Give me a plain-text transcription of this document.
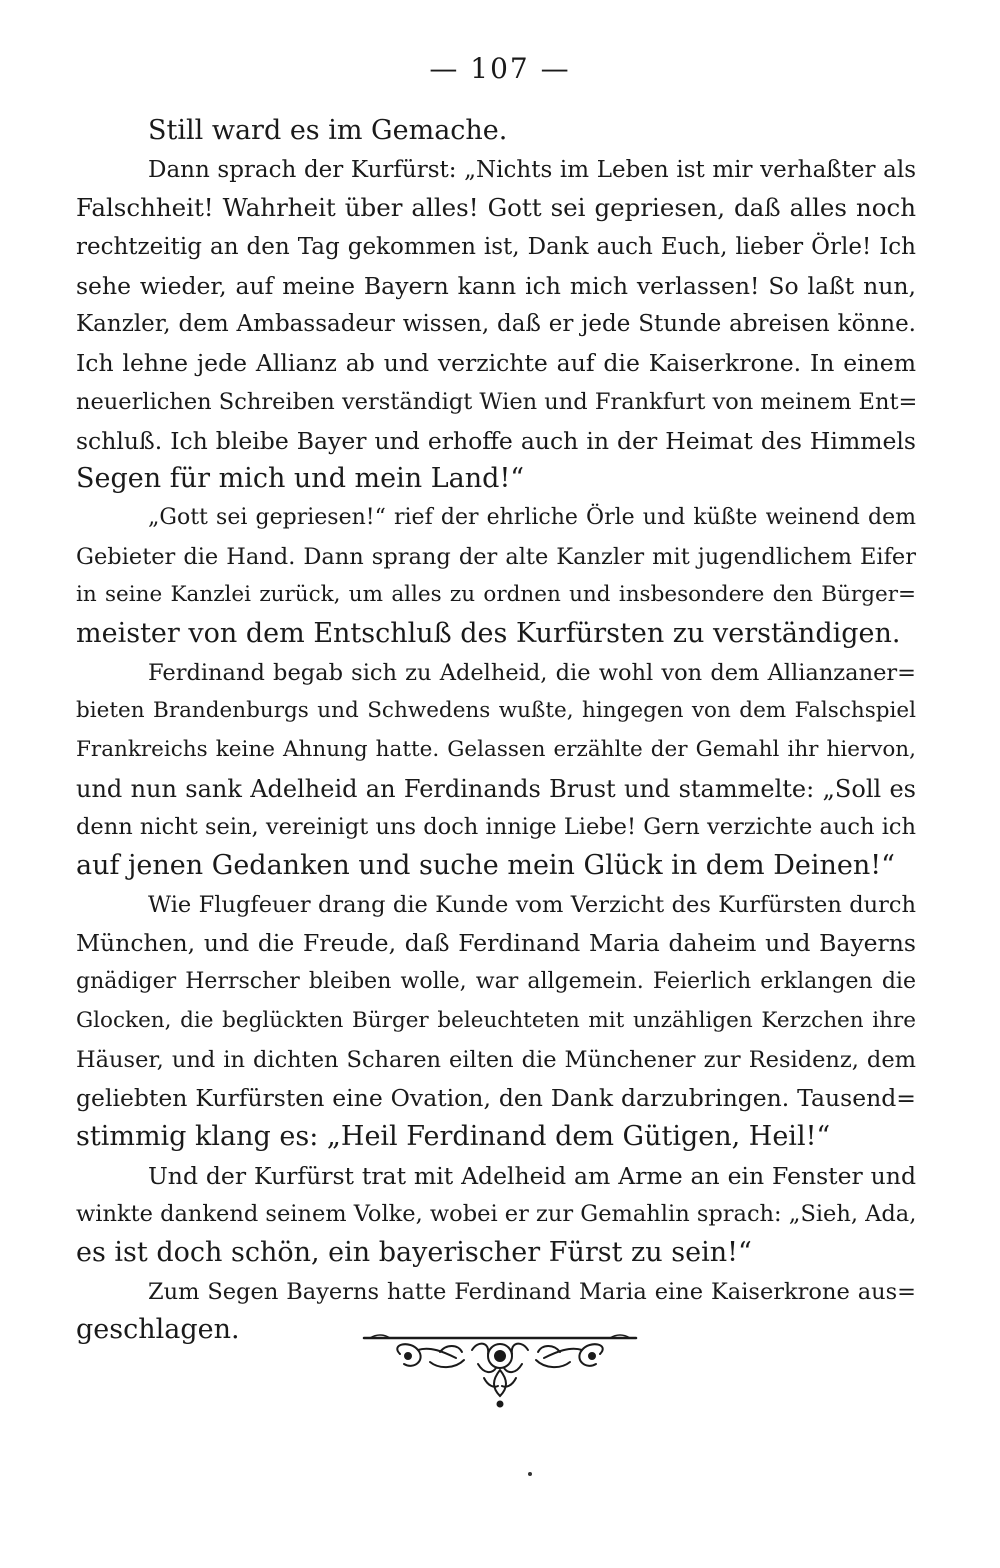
— 107 —
Still ward es im Gemache.
Dann sprach der Kurfürst: „Nichts im Leben ist mir verhaßter als
Falschheit! Wahrheit über alles! Gott sei gepriesen, daß alles noch
rechtzeitig an den Tag gekommen ist, Dank auch Euch, lieber Örle! Ich
sehe wieder, auf meine Bayern kann ich mich verlassen! So laßt nun,
Kanzler, dem Ambassadeur wissen, daß er jede Stunde abreisen könne.
Ich lehne jede Allianz ab und verzichte auf die Kaiserkrone. In einem
neuerlichen Schreiben verständigt Wien und Frankfurt von meinem Ent=
schluß. Ich bleibe Bayer und erhoffe auch in der Heimat des Himmels
Segen für mich und mein Land!“
„Gott sei gepriesen!“ rief der ehrliche Örle und küßte weinend dem
Gebieter die Hand. Dann sprang der alte Kanzler mit jugendlichem Eifer
in seine Kanzlei zurück, um alles zu ordnen und insbesondere den Bürger=
meister von dem Entschluß des Kurfürsten zu verständigen.
Ferdinand begab sich zu Adelheid, die wohl von dem Allianzaner=
bieten Brandenburgs und Schwedens wußte, hingegen von dem Falschspiel
Frankreichs keine Ahnung hatte. Gelassen erzählte der Gemahl ihr hiervon,
und nun sank Adelheid an Ferdinands Brust und stammelte: „Soll es
denn nicht sein, vereinigt uns doch innige Liebe! Gern verzichte auch ich
auf jenen Gedanken und suche mein Glück in dem Deinen!“
Wie Flugfeuer drang die Kunde vom Verzicht des Kurfürsten durch
München, und die Freude, daß Ferdinand Maria daheim und Bayerns
gnädiger Herrscher bleiben wolle, war allgemein. Feierlich erklangen die
Glocken, die beglückten Bürger beleuchteten mit unzähligen Kerzchen ihre
Häuser, und in dichten Scharen eilten die Münchener zur Residenz, dem
geliebten Kurfürsten eine Ovation, den Dank darzubringen. Tausend=
stimmig klang es: „Heil Ferdinand dem Gütigen, Heil!“
Und der Kurfürst trat mit Adelheid am Arme an ein Fenster und
winkte dankend seinem Volke, wobei er zur Gemahlin sprach: „Sieh, Ada,
es ist doch schön, ein bayerischer Fürst zu sein!“
Zum Segen Bayerns hatte Ferdinand Maria eine Kaiserkrone aus=
geschlagen.
